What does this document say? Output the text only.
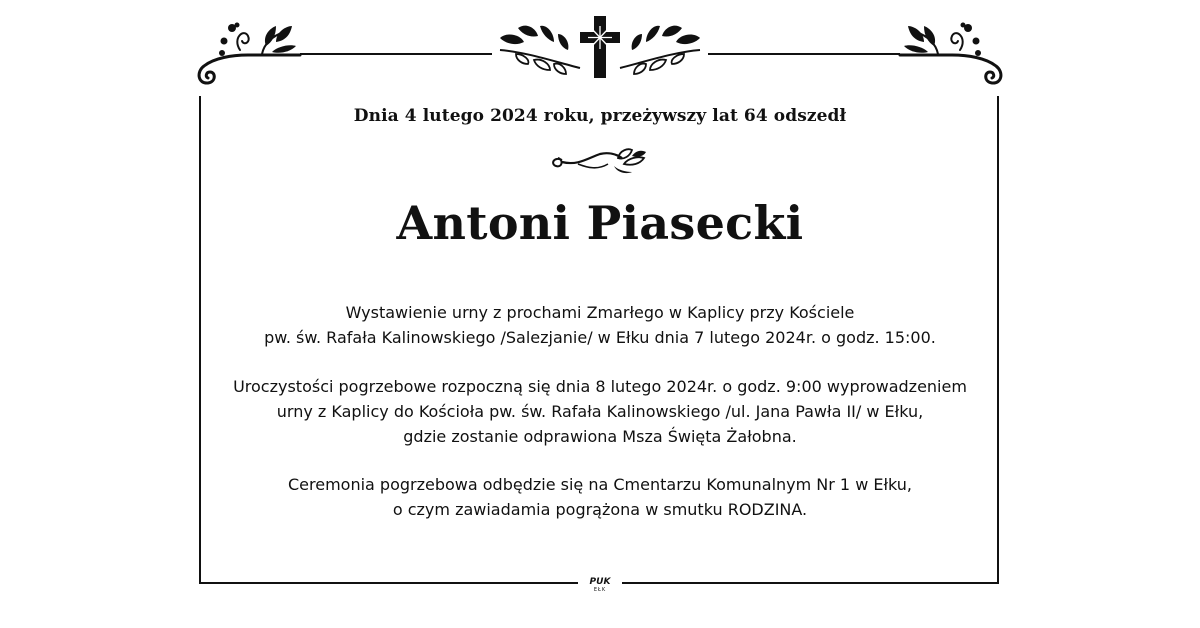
Dnia 4 lutego 2024 roku, przeżywszy lat 64 odszedł
Antoni Piasecki
Wystawienie urny z prochami Zmarłego w Kaplicy przy Kościele
pw. św. Rafała Kalinowskiego /Salezjanie/ w Ełku dnia 7 lutego 2024r. o godz. 15:00.
Uroczystości pogrzebowe rozpoczną się dnia 8 lutego 2024r. o godz. 9:00 wyprowadzeniem
urny z Kaplicy do Kościoła pw. św. Rafała Kalinowskiego /ul. Jana Pawła II/ w Ełku,
gdzie zostanie odprawiona Msza Święta Żałobna.
Ceremonia pogrzebowa odbędzie się na Cmentarzu Komunalnym Nr 1 w Ełku,
o czym zawiadamia pogrążona w smutku RODZINA.
PUK
EŁK
